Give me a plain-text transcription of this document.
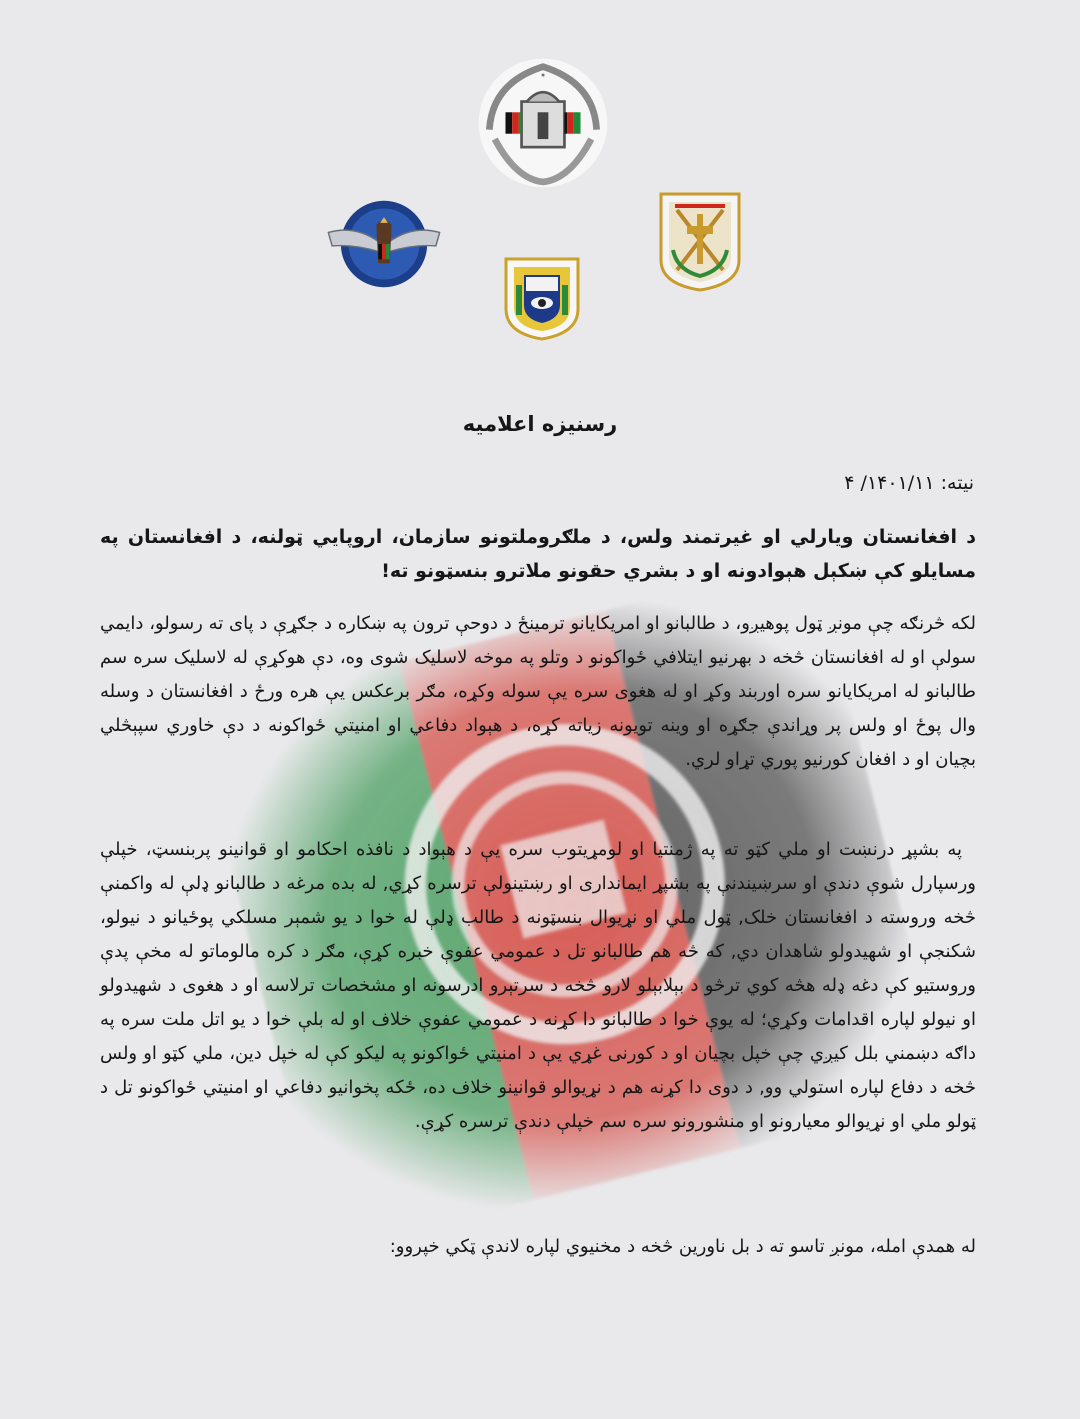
✶
رسنیزه اعلامیه
نیته: ۱۴۰۱/۱۱/ ۴
د افغانستان ویارلي او غیرتمند ولس، د ملګروملتونو سازمان، اروپايي ټولنه، د افغانستان په مسایلو کې ښکېل هېوادونه او د بشري حقونو ملاترو بنسټونو ته!
لکه څرنګه چې مونږ ټول پوهیږو، د طالبانو او امریکایانو ترمینځ د دوحې ترون په ښکاره د جګړې د پای ته رسولو، دایمي سولې او له افغانستان څخه د بهرنیو ایتلافي ځواکونو د وتلو په موخه لاسلیک شوی وه، دې هوکړې له لاسلیک سره سم طالبانو له امریکایانو سره اوربند وکړ او له هغوی سره یې سوله وکړه، مګر برعکس یې هره ورځ د افغانستان د وسله وال پوځ او ولس پر وړاندې جګړه او وینه تویونه زیاته کړه، د هېواد دفاعي او امنیتي ځواکونه د دې خاوري سپېڅلي بچیان او د افغان کورنیو پوري تړاو لري.
په بشپړ درنښت او ملي کټو ته په ژمنتیا او لومړیتوب سره یې د هېواد د نافذه احکامو او قوانینو پربنسټ، خپلې ورسپارل شوې دندې او سرښیندنې په بشپړ ایمانداری او رښتینولې ترسره کړي, له بده مرغه د طالبانو ډلې له واکمنې څخه وروسته د افغانستان خلک, ټول ملي او نړیوال بنسټونه د طالب ډلې له خوا د یو شمېر مسلکي پوځیانو د نیولو، شکنجې او شهیدولو شاهدان دي, که څه هم طالبانو تل د عمومي عفوې خبره کړې، مګر د کره مالوماتو له مخې پدې وروستیو کې دغه ډله هڅه کوي ترڅو د بېلابېلو لارو څخه د سرتېرو ادرسونه او مشخصات ترلاسه او د هغوی د شهیدولو او نیولو لپاره اقدامات وکړي؛ له یوې خوا د طالبانو دا کړنه د عمومي عفوې خلاف او له بلې خوا د یو اتل ملت سره په داګه دښمني بلل کیږي چې خپل بچیان او د کورنی غړي یې د امنیتي ځواکونو په لیکو کې له خپل دین، ملي کټو او ولس څخه د دفاع لپاره استولي وو, د دوی دا کړنه هم د نړیوالو قوانینو خلاف ده، ځکه پخوانیو دفاعي او امنیتي ځواکونو تل د ټولو ملي او نړیوالو معیارونو او منشورونو سره سم خپلې دندې ترسره کړې.
له همدې امله، مونږ تاسو ته د بل ناورین څخه د مخنیوي لپاره لاندې ټکي خپروو:
